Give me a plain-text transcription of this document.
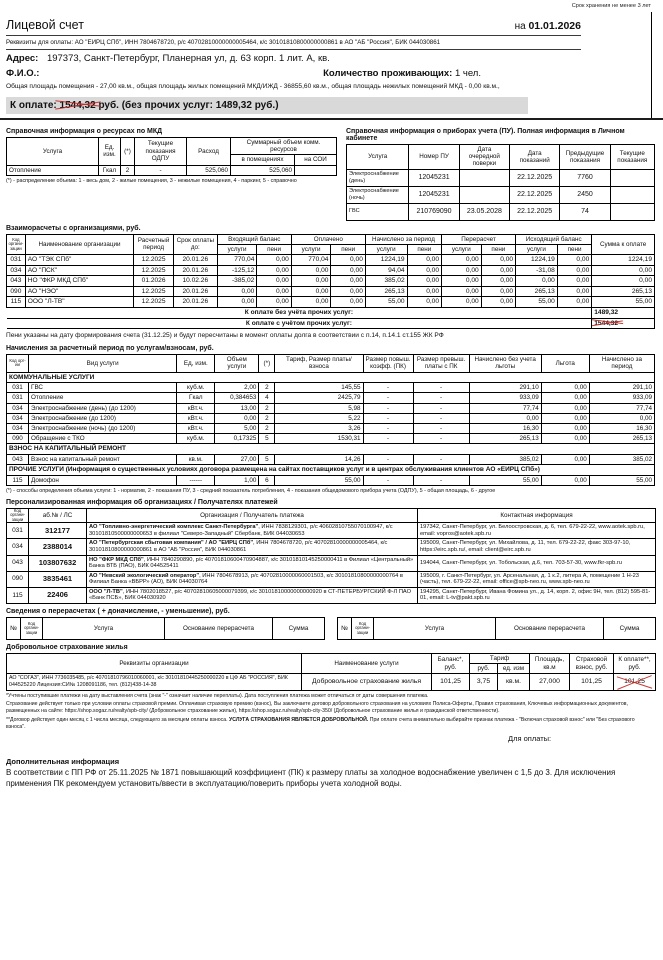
Срок хранения не менее 3 лет
Лицевой счет	на 01.01.2026
Реквизиты для оплаты: АО "ЕИРЦ СПб", ИНН 7804678720, р/с 40702810000000005464, к/с 30101810800000000861 в АО "АБ "Россия", БИК 044030861
Адрес: 197373, Санкт-Петербург, Планерная ул, д. 63 корп. 1 лит. А, кв.
Ф.И.О.:	Количество проживающих: 1 чел.
Общая площадь помещения - 27,00 кв.м., общая площадь жилых помещений МКД/ИЖД - 36855,60 кв.м., общая площадь нежилых помещений МКД - 0,00 кв.м.,
К оплате: 1544,32 руб. (без прочих услуг: 1489,32 руб.)
Справочная информация о ресурсах по МКД
Услуга	Ед. изм.	(*)	Текущие показания ОДПУ	Расход	Суммарный объем комм. ресурсов	
					в помещениях	на СОИ
Отопление	Гкал	2	-	525,060	525,060	
(*) - распределение объема: 1 - весь дом, 2 - жилые помещения, 3 - нежилые помещения, 4 - паркинг, 5 - справочно
Справочная информация о приборах учета (ПУ). Полная информация в Личном кабинете
Услуга	Номер ПУ	Дата очередной поверки	Дата показаний	Предыдущие показания	Текущие показания
Электроснабжение (день)	12045231		22.12.2025	7760	
Электроснабжение (ночь)	12045231		22.12.2025	2450	
ГВС	210769090	23.05.2028	22.12.2025	74	
Взаиморасчеты с организациями, руб.
Код органи-зации	Наименование организации	Расчетный период	Срок оплаты до:	Входящий баланс		Оплачено		Начислено за период		Перерасчет		Исходящий баланс		Сумма к оплате
				услуги	пени	услуги	пени	услуги	пени	услуги	пени	услуги	пени	
031	АО "ТЭК СПб"	12.2025	20.01.26	770,04	0,00	770,04	0,00	1224,19	0,00	0,00	0,00	1224,19	0,00	1224,19
034	АО "ПСК"	12.2025	20.01.26	-125,12	0,00	0,00	0,00	94,04	0,00	0,00	0,00	-31,08	0,00	0,00
043	НО "ФКР МКД СПб"	01.2026	10.02.26	-385,02	0,00	0,00	0,00	385,02	0,00	0,00	0,00	0,00	0,00	0,00
090	АО "НЭО"	12.2025	20.01.26	0,00	0,00	0,00	0,00	265,13	0,00	0,00	0,00	265,13	0,00	265,13
115	ООО "Л-ТВ"	12.2025	20.01.26	0,00	0,00	0,00	0,00	55,00	0,00	0,00	0,00	55,00	0,00	55,00
К оплате без учёта прочих услуг:														1489,32
К оплате с учётом прочих услуг:														1544,32
Пени указаны на дату формирования счета (31.12.25) и будут пересчитаны в момент оплаты долга в соответствии с п.14, п.14.1 ст.155 ЖК РФ
Начисления за расчетный период по услугам/взносам, руб.
Код орг-ии	Вид услуги	Ед, изм.	Объем услуги	(*)	Тариф, Размер платы/взноса	Размер повыш. коэфф. (ПК)	Размер превыш. платы с ПК	Начислено без учета льготы	Льгота	Начислено за период
КОММУНАЛЬНЫЕ УСЛУГИ										
031	ГВС	куб.м.	2,00	2	145,55	-	-	291,10	0,00	291,10
031	Отопление	Гкал	0,384653	4	2425,79	-	-	933,09	0,00	933,09
034	Электроснабжение (день) (до 1200)	кВт.ч.	13,00	2	5,98	-	-	77,74	0,00	77,74
034	Электроснабжение (до 1200)	кВт.ч.	0,00	2	5,22	-	-	0,00	0,00	0,00
034	Электроснабжение (ночь) (до 1200)	кВт.ч.	5,00	2	3,26	-	-	16,30	0,00	16,30
090	Обращение с ТКО	куб.м.	0,17325	5	1530,31	-	-	265,13	0,00	265,13
ВЗНОС НА КАПИТАЛЬНЫЙ РЕМОНТ										
043	Взнос на капитальный ремонт	кв.м.	27,00	5	14,26	-	-	385,02	0,00	385,02
ПРОЧИЕ УСЛУГИ (Информация о существенных условиях договора размещена на сайтах поставщиков услуг и в центрах обслуживания клиентов АО «ЕИРЦ СПб»)										
115	Домофон	------	1,00	6	55,00	-	-	55,00	0,00	55,00
(*) - способы определения объема услуги: 1 - норматив, 2 - показания ПУ, 3 - средний показатель потребления, 4 - показания общедомового прибора учета (ОДПУ), 5 - общая площадь, 6 - другое
Персонализированная информация об организациях / Получателях платежей
Код органи-зации	аб.№ / ЛС	Организация / Получатель платежа	Контактная информация
031	312177	АО "Топливно-энергетический комплекс Санкт-Петербурга", ИНН 7838129301, р/с 40602810755070100947, к/с 30101810500000000653 в филиал "Северо-Западный" Сбербанк, БИК 044030653	197342, Санкт-Петербург, ул. Белоостровская, д. 6, тел. 679-22-22, www.aotek.spb.ru, email: vopros@aotek.spb.ru
034	2388014	АО "Петербургская сбытовая компания" / АО "ЕИРЦ СПб", ИНН 7804678720, р/с 40702810000000005464, к/с 30101810800000000861 в АО "АБ "Россия", БИК 044030861	195009, Санкт-Петербург, ул. Михайлова, д. 11, тел. 679-22-22, факс 303-97-10, https://eirc.spb.ru/, email: client@eirc.spb.ru
043	103807632	НО "ФКР МКД СПб", ИНН 7840290890, р/с 40701810600470904887, к/с 30101810145250000411 в Филиал «Центральный» Банка ВТБ (ПАО), БИК 044525411	194044, Санкт-Петербург, ул. Тобольская, д.6, тел. 703-57-30, www.fkr-spb.ru
090	3835461	АО "Невский экологический оператор", ИНН 7804678913, р/с 40702810000060001503, к/с 30101810800000000764 в Филиал Банка «ВБРР» (АО), БИК 044030764	195009, г. Санкт-Петербург, ул. Арсенальная, д. 1 к.2, литера А, помещение 1 Н-23 (часть), тел. 679-22-22, email: office@spb-neo.ru, www.spb-neo.ru
115	22406	ООО "Л-ТВ", ИНН 7802018527, р/с 40702810605000079399, к/с 30101810000000000920 в СТ-ПЕТЕРБУРГСКИЙ Ф-Л ПАО «Банк ПСБ», БИК 044030920	194295, Санкт-Петербург, Ивана Фомина ул., д. 14, корп. 2, офис 9Н, тел. (812) 595-81-01, email: L-tv@pakt.spb.ru
Сведения о перерасчетах ( + доначисление, - уменьшение), руб.
№	Код органи-зации	Услуга	Основание перерасчета	Сумма	№	Код органи-зации	Услуга	Основание перерасчета	Сумма
Добровольное страхование жилья
Реквизиты организации	Наименование услуги	Баланс*, руб.	Тариф		Площадь, кв.м	Страховой взнос, руб.	К оплате**, руб.
			руб.	ед. изм			
АО "СОГАЗ", ИНН 7736035485, р/с 40701810796010060001, к/с 30101810445250000220 в ЦФ АБ "РОССИЯ", БИК 044525220 Лицензия:СИ№ 1208091186, тел. (812)438-14-38	Добровольное страхование жилья	101,25	3,75	кв.м.	27,000	101,25	101,25
*Учтены поступившие платежи на дату выставления счета (знак "-" означает наличие переплаты). Дата поступления платежа может отличаться от даты совершения платежа.
Страхование действует только при условии оплаты страховой премии. Оплачивая страховую премию (взнос), Вы заключаете договор добровольного страхования на условиях Полиса-Оферты, Правил страхования, Ключевых информационных документов, размещенных на сайте: https://shop.sogaz.ru/realty/spb-city/ (Добровольное страхование жилья), https://shop.sogaz.ru/realty/spb-city-350/ (Добровольное страхование жилья и гражданской ответственности).
**Договор действует один месяц с 1 числа месяца, следующего за месяцем оплаты взноса. УСЛУГА СТРАХОВАНИЯ ЯВЛЯЕТСЯ ДОБРОВОЛЬНОЙ. При оплате счета внимательно выбирайте признак платежа - "Включая страховой взнос" или "Без страхового взноса".
Для оплаты:
Дополнительная информация
В соответствии с ПП РФ от 25.11.2025 № 1871 повышающий коэффициент (ПК) к размеру платы за холодное водоснабжение увеличен с 1,5 до 3. Для исключения применения ПК рекомендуем установить/ввести в эксплуатацию/поверить приборы учета холодной воды.
